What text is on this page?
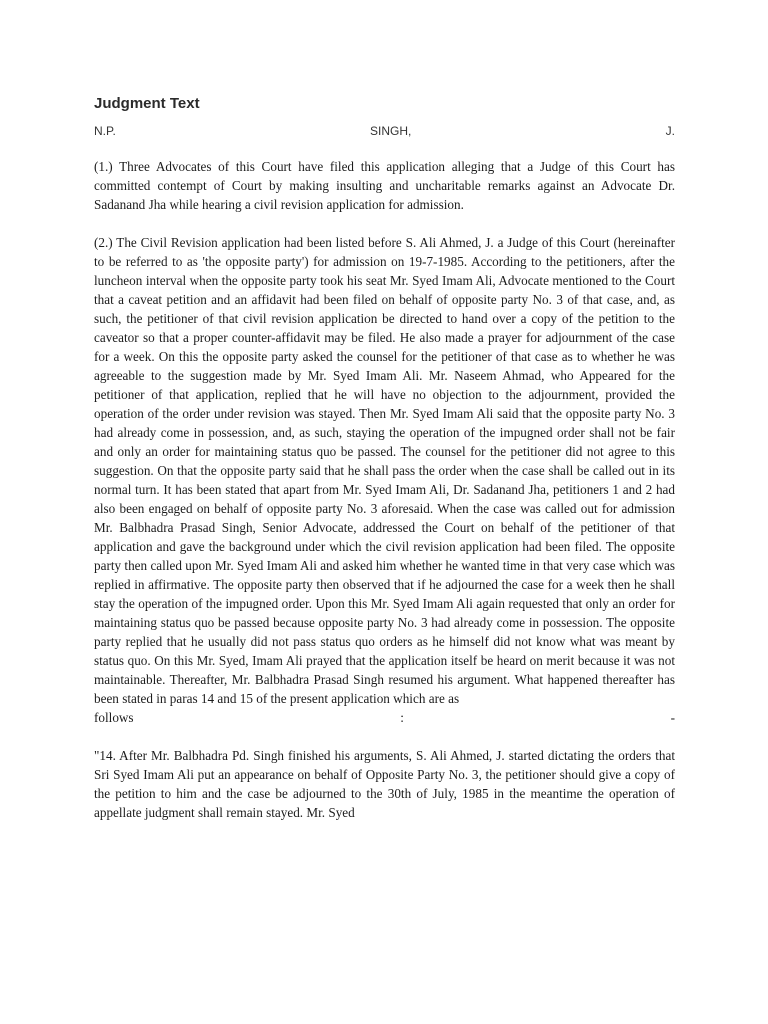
Judgment Text
N.P.	SINGH,	J.

(1.) Three Advocates of this Court have filed this application alleging that a Judge of this Court has committed contempt of Court by making insulting and uncharitable remarks against an Advocate Dr. Sadanand Jha while hearing a civil revision application for admission.

(2.) The Civil Revision application had been listed before S. Ali Ahmed, J. a Judge of this Court (hereinafter to be referred to as 'the opposite party') for admission on 19-7-1985. According to the petitioners, after the luncheon interval when the opposite party took his seat Mr. Syed Imam Ali, Advocate mentioned to the Court that a caveat petition and an affidavit had been filed on behalf of opposite party No. 3 of that case, and, as such, the petitioner of that civil revision application be directed to hand over a copy of the petition to the caveator so that a proper counter-affidavit may be filed. He also made a prayer for adjournment of the case for a week. On this the opposite party asked the counsel for the petitioner of that case as to whether he was agreeable to the suggestion made by Mr. Syed Imam Ali. Mr. Naseem Ahmad, who Appeared for the petitioner of that application, replied that he will have no objection to the adjournment, provided the operation of the order under revision was stayed. Then Mr. Syed Imam Ali said that the opposite party No. 3 had already come in possession, and, as such, staying the operation of the impugned order shall not be fair and only an order for maintaining status quo be passed. The counsel for the petitioner did not agree to this suggestion. On that the opposite party said that he shall pass the order when the case shall be called out in its normal turn. It has been stated that apart from Mr. Syed Imam Ali, Dr. Sadanand Jha, petitioners 1 and 2 had also been engaged on behalf of opposite party No. 3 aforesaid. When the case was called out for admission Mr. Balbhadra Prasad Singh, Senior Advocate, addressed the Court on behalf of the petitioner of that application and gave the background under which the civil revision application had been filed. The opposite party then called upon Mr. Syed Imam Ali and asked him whether he wanted time in that very case which was replied in affirmative. The opposite party then observed that if he adjourned the case for a week then he shall stay the operation of the impugned order. Upon this Mr. Syed Imam Ali again requested that only an order for maintaining status quo be passed because opposite party No. 3 had already come in possession. The opposite party replied that he usually did not pass status quo orders as he himself did not know what was meant by status quo. On this Mr. Syed, Imam Ali prayed that the application itself be heard on merit because it was not maintainable. Thereafter, Mr. Balbhadra Prasad Singh resumed his argument. What happened thereafter has been stated in paras 14 and 15 of the present application which are as

follows	:	-

"14. After Mr. Balbhadra Pd. Singh finished his arguments, S. Ali Ahmed, J. started dictating the orders that Sri Syed Imam Ali put an appearance on behalf of Opposite Party No. 3, the petitioner should give a copy of the petition to him and the case be adjourned to the 30th of July, 1985 in the meantime the operation of appellate judgment shall remain stayed. Mr. Syed
